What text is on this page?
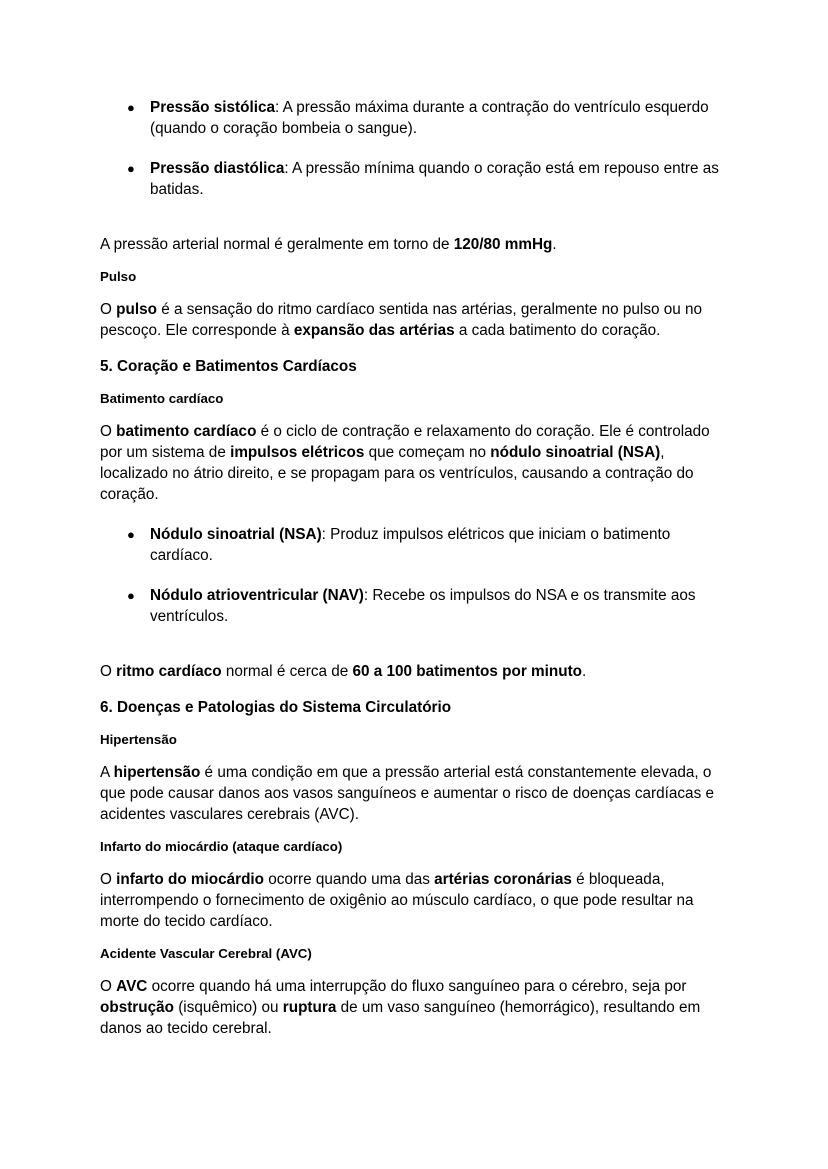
● Pressão sistólica: A pressão máxima durante a contração do ventrículo esquerdo (quando o coração bombeia o sangue).
● Pressão diastólica: A pressão mínima quando o coração está em repouso entre as batidas.

A pressão arterial normal é geralmente em torno de 120/80 mmHg.

Pulso

O pulso é a sensação do ritmo cardíaco sentida nas artérias, geralmente no pulso ou no pescoço. Ele corresponde à expansão das artérias a cada batimento do coração.

5. Coração e Batimentos Cardíacos

Batimento cardíaco

O batimento cardíaco é o ciclo de contração e relaxamento do coração. Ele é controlado por um sistema de impulsos elétricos que começam no nódulo sinoatrial (NSA), localizado no átrio direito, e se propagam para os ventrículos, causando a contração do coração.

● Nódulo sinoatrial (NSA): Produz impulsos elétricos que iniciam o batimento cardíaco.
● Nódulo atrioventricular (NAV): Recebe os impulsos do NSA e os transmite aos ventrículos.

O ritmo cardíaco normal é cerca de 60 a 100 batimentos por minuto.

6. Doenças e Patologias do Sistema Circulatório

Hipertensão

A hipertensão é uma condição em que a pressão arterial está constantemente elevada, o que pode causar danos aos vasos sanguíneos e aumentar o risco de doenças cardíacas e acidentes vasculares cerebrais (AVC).

Infarto do miocárdio (ataque cardíaco)

O infarto do miocárdio ocorre quando uma das artérias coronárias é bloqueada, interrompendo o fornecimento de oxigênio ao músculo cardíaco, o que pode resultar na morte do tecido cardíaco.

Acidente Vascular Cerebral (AVC)

O AVC ocorre quando há uma interrupção do fluxo sanguíneo para o cérebro, seja por obstrução (isquêmico) ou ruptura de um vaso sanguíneo (hemorrágico), resultando em danos ao tecido cerebral.
